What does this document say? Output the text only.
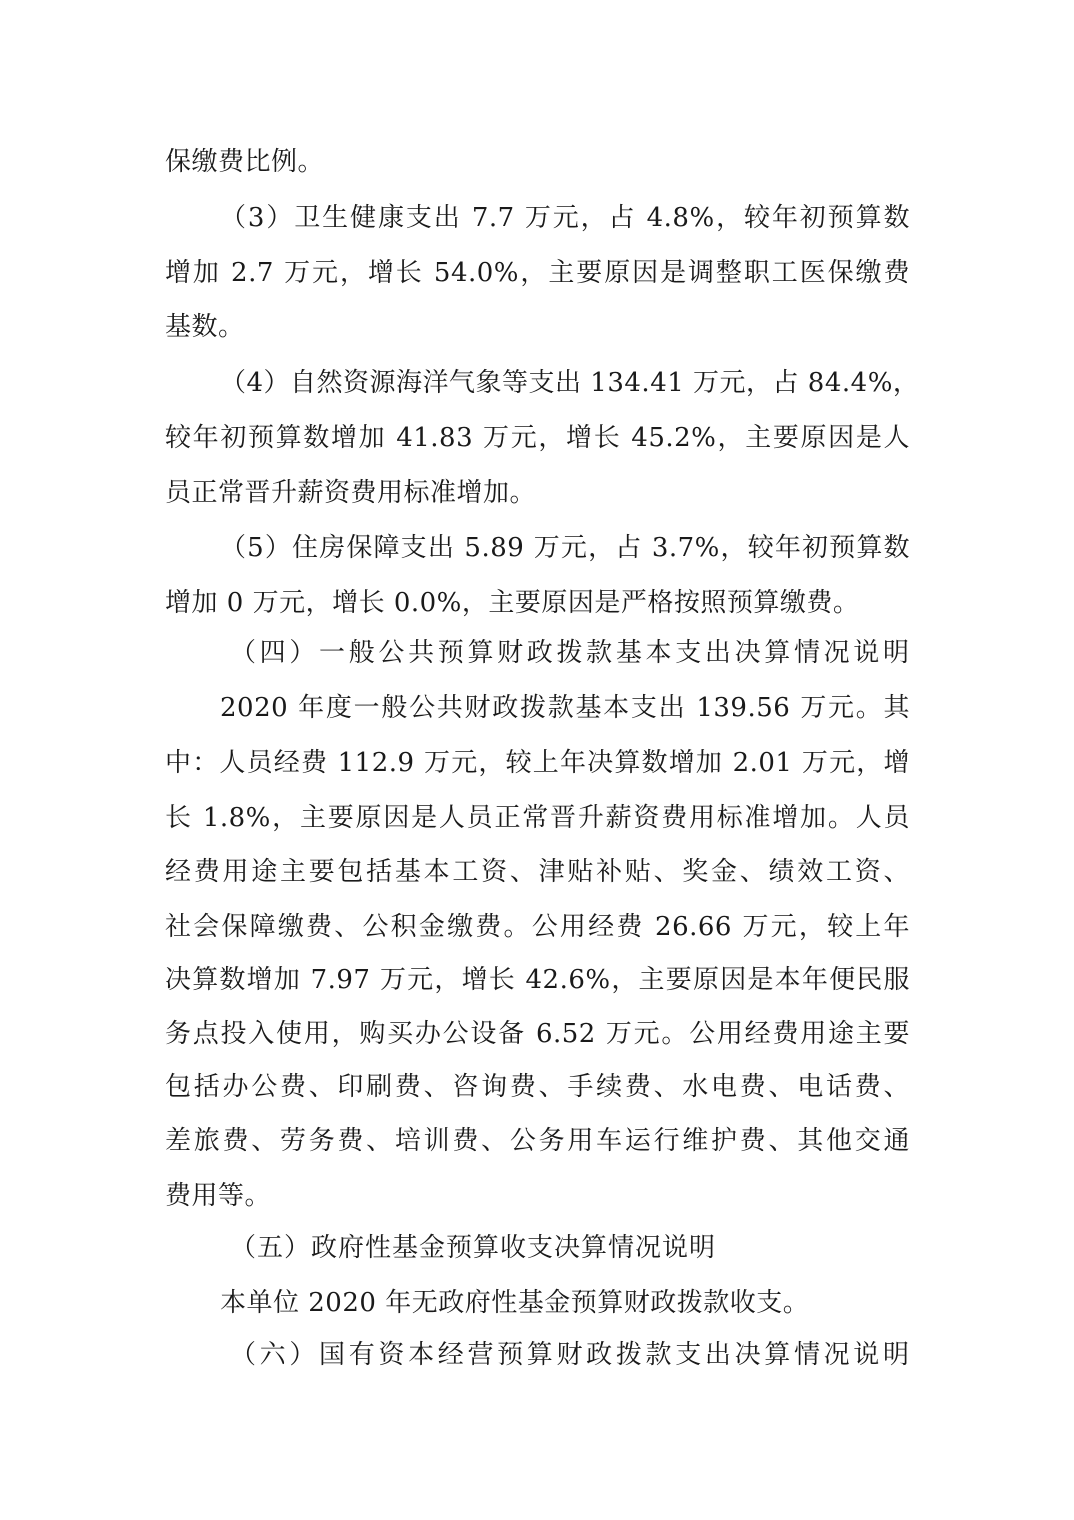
保缴费比例。
（3）卫生健康支出 7.7 万元，占 4.8%，较年初预算数
增加 2.7 万元，增长 54.0%，主要原因是调整职工医保缴费
基数。
（4）自然资源海洋气象等支出 134.41 万元，占 84.4%，
较年初预算数增加 41.83 万元，增长 45.2%，主要原因是人
员正常晋升薪资费用标准增加。
（5）住房保障支出 5.89 万元，占 3.7%，较年初预算数
增加 0 万元，增长 0.0%，主要原因是严格按照预算缴费。
（四）一般公共预算财政拨款基本支出决算情况说明
2020 年度一般公共财政拨款基本支出 139.56 万元。其
中：人员经费 112.9 万元，较上年决算数增加 2.01 万元，增
长 1.8%，主要原因是人员正常晋升薪资费用标准增加。人员
经费用途主要包括基本工资、津贴补贴、奖金、绩效工资、
社会保障缴费、公积金缴费。公用经费 26.66 万元，较上年
决算数增加 7.97 万元，增长 42.6%，主要原因是本年便民服
务点投入使用，购买办公设备 6.52 万元。公用经费用途主要
包括办公费、印刷费、咨询费、手续费、水电费、电话费、
差旅费、劳务费、培训费、公务用车运行维护费、其他交通
费用等。
（五）政府性基金预算收支决算情况说明
本单位 2020 年无政府性基金预算财政拨款收支。
（六）国有资本经营预算财政拨款支出决算情况说明
